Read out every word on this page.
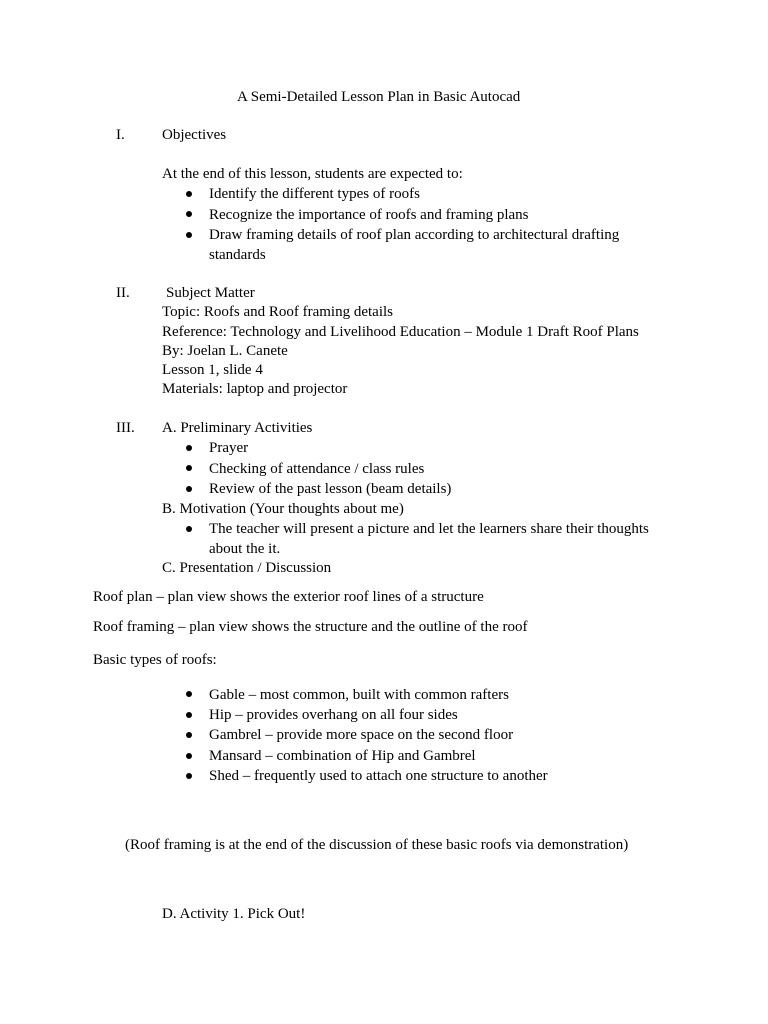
A Semi-Detailed Lesson Plan in Basic Autocad
I. Objectives
At the end of this lesson, students are expected to:
Identify the different types of roofs
Recognize the importance of roofs and framing plans
Draw framing details of roof plan according to architectural drafting
standards
II. Subject Matter
Topic: Roofs and Roof framing details
Reference: Technology and Livelihood Education – Module 1 Draft Roof Plans
By: Joelan L. Canete
Lesson 1, slide 4
Materials: laptop and projector
III. A. Preliminary Activities
Prayer
Checking of attendance / class rules
Review of the past lesson (beam details)
B. Motivation (Your thoughts about me)
The teacher will present a picture and let the learners share their thoughts
about the it.
C. Presentation / Discussion
Roof plan – plan view shows the exterior roof lines of a structure
Roof framing – plan view shows the structure and the outline of the roof
Basic types of roofs:
Gable – most common, built with common rafters
Hip – provides overhang on all four sides
Gambrel – provide more space on the second floor
Mansard – combination of Hip and Gambrel
Shed – frequently used to attach one structure to another
(Roof framing is at the end of the discussion of these basic roofs via demonstration)
D. Activity 1. Pick Out!
